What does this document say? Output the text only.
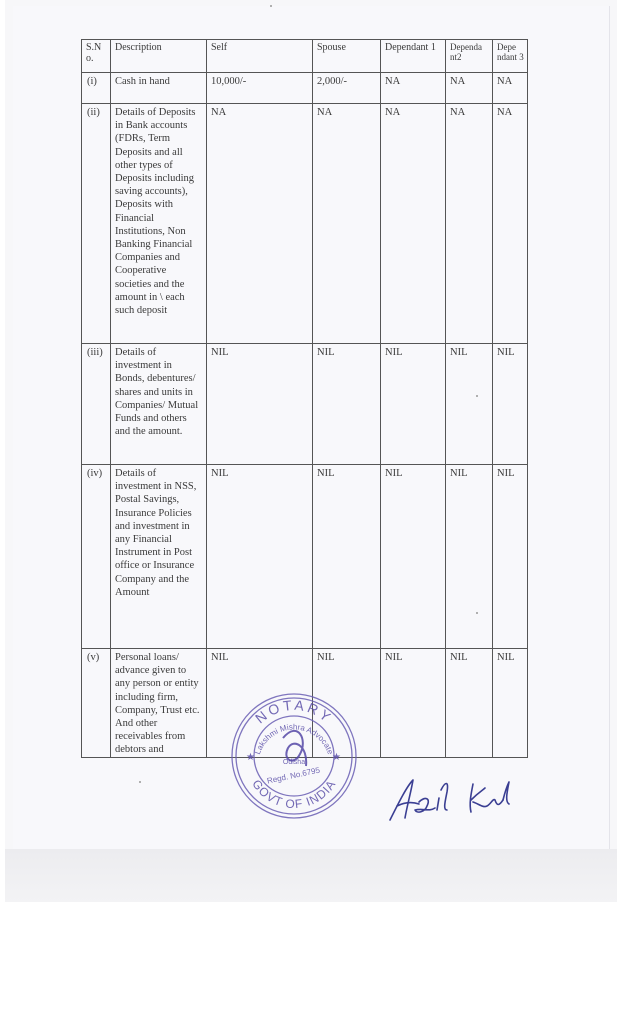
S.N o.	Description	Self	Spouse	Dependant 1	Dependa nt2	Depe ndant 3
(i)	Cash in hand	10,000/-	2,000/-	NA	NA	NA
(ii)	Details of Deposits in Bank accounts (FDRs, Term Deposits and all other types of Deposits including saving accounts), Deposits with Financial Institutions, Non Banking Financial Companies and Cooperative societies and the amount in \ each such deposit	NA	NA	NA	NA	NA
(iii)	Details of investment in Bonds, debentures/ shares and units in Companies/ Mutual Funds and others and the amount.	NIL	NIL	NIL	NIL	NIL
(iv)	Details of investment in NSS, Postal Savings, Insurance Policies and investment in any Financial Instrument in Post office or Insurance Company and the Amount	NIL	NIL	NIL	NIL	NIL
(v)	Personal loans/ advance given to any person or entity including firm, Company, Trust etc. And other receivables from debtors and	NIL	NIL	NIL	NIL	NIL
NOTARY
GOVT OF INDIA
Lakshmi Mishra Advocate
Odisha
Regd. No.6795
★	★
